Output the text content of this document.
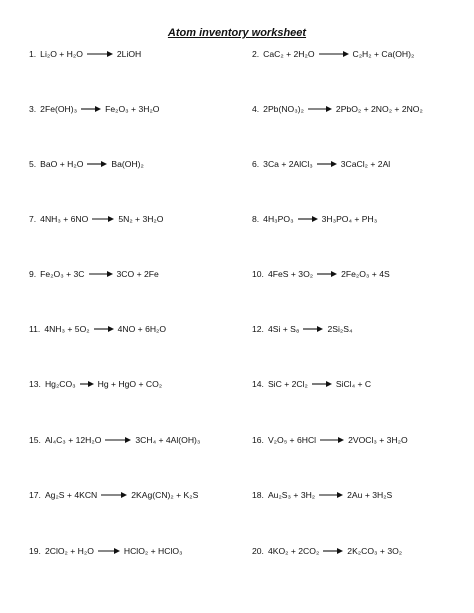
Atom inventory worksheet
1. Li₂O + H₂O → 2LiOH	2. CaC₂ + 2H₂O → C₂H₂ + Ca(OH)₂
3. 2Fe(OH)₃ → Fe₂O₃ + 3H₂O	4. 2Pb(NO₃)₂ → 2PbO₂ + 2NO₂ + 2NO₂
5. BaO + H₂O → Ba(OH)₂	6. 3Ca + 2AlCl₃ → 3CaCl₂ + 2Al
7. 4NH₃ + 6NO → 5N₂ + 3H₂O	8. 4H₃PO₃ → 3H₃PO₄ + PH₃
9. Fe₂O₃ + 3C → 3CO + 2Fe	10. 4FeS + 3O₂ → 2Fe₂O₃ + 4S
11. 4NH₃ + 5O₂ → 4NO + 6H₂O	12. 4Si + S₈ → 2Si₂S₄
13. Hg₂CO₃ → Hg + HgO + CO₂	14. SiC + 2Cl₂ → SiCl₄ + C
15. Al₄C₃ + 12H₂O → 3CH₄ + 4Al(OH)₃	16. V₂O₅ + 6HCl → 2VOCl₃ + 3H₂O
17. Ag₂S + 4KCN → 2KAg(CN)₂ + K₂S	18. Au₂S₃ + 3H₂ → 2Au + 3H₂S
19. 2ClO₂ + H₂O → HClO₂ + HClO₃	20. 4KO₂ + 2CO₂ → 2K₂CO₃ + 3O₂
